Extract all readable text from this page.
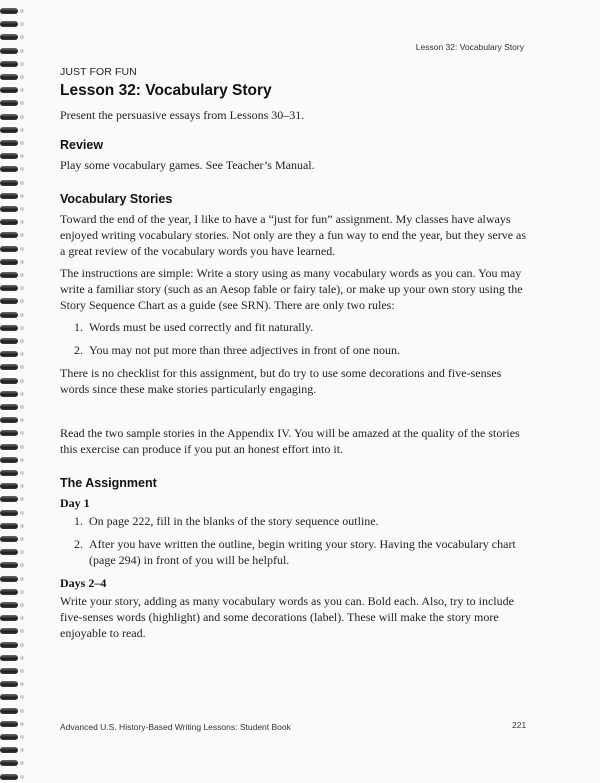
Lesson 32: Vocabulary Story
JUST FOR FUN
Lesson 32: Vocabulary Story

Present the persuasive essays from Lessons 30–31.

Review

Play some vocabulary games. See Teacher’s Manual.

Vocabulary Stories

Toward the end of the year, I like to have a “just for fun” assignment. My classes have always enjoyed writing vocabulary stories. Not only are they a fun way to end the year, but they serve as a great review of the vocabulary words you have learned.

The instructions are simple: Write a story using as many vocabulary words as you can. You may write a familiar story (such as an Aesop fable or fairy tale), or make up your own story using the Story Sequence Chart as a guide (see SRN). There are only two rules:

1. Words must be used correctly and fit naturally.
2. You may not put more than three adjectives in front of one noun.

There is no checklist for this assignment, but do try to use some decorations and five-senses words since these make stories particularly engaging.

Read the two sample stories in the Appendix IV. You will be amazed at the quality of the stories this exercise can produce if you put an honest effort into it.

The Assignment
Day 1
1. On page 222, fill in the blanks of the story sequence outline.
2. After you have written the outline, begin writing your story. Having the vocabulary chart (page 294) in front of you will be helpful.
Days 2–4

Write your story, adding as many vocabulary words as you can. Bold each. Also, try to include five-senses words (highlight) and some decorations (label). These will make the story more enjoyable to read.

Advanced U.S. History-Based Writing Lessons: Student Book	221
